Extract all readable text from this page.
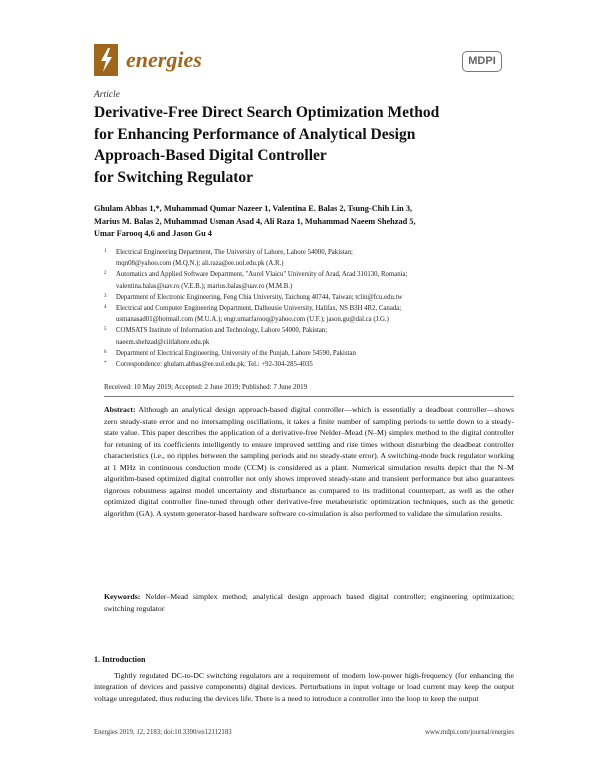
energies	MDPI
Article
Derivative-Free Direct Search Optimization Method
for Enhancing Performance of Analytical Design
Approach-Based Digital Controller
for Switching Regulator
Ghulam Abbas 1,*, Muhammad Qumar Nazeer 1, Valentina E. Balas 2, Tsung-Chih Lin 3,
Marius M. Balas 2, Muhammad Usman Asad 4, Ali Raza 1, Muhammad Naeem Shehzad 5,
Umar Farooq 4,6 and Jason Gu 4
1 Electrical Engineering Department, The University of Lahore, Lahore 54000, Pakistan;
mqn08@yahoo.com (M.Q.N.); ali.raza@ee.uol.edu.pk (A.R.)
2 Automatics and Applied Software Department, "Aurel Vlaicu" University of Arad, Arad 310130, Romania;
valentina.balas@uav.ro (V.E.B.); marius.balas@uav.ro (M.M.B.)
3 Department of Electronic Engineering, Feng Chia University, Taichung 40744, Taiwan; tclin@fcu.edu.tw
4 Electrical and Computer Engineering Department, Dalhousie University, Halifax, NS B3H 4R2, Canada;
usmanasad01@hotmail.com (M.U.A.); engr.umarfarooq@yahoo.com (U.F.); jason.gu@dal.ca (J.G.)
5 COMSATS Institute of Information and Technology, Lahore 54000, Pakistan;
naeem.shehzad@ciitlahore.edu.pk
6 Department of Electrical Engineering, University of the Punjab, Lahore 54590, Pakistan
* Correspondence: ghulam.abbas@ee.uol.edu.pk; Tel.: +92-304-285-4035
Received: 10 May 2019; Accepted: 2 June 2019; Published: 7 June 2019
Abstract: Although an analytical design approach-based digital controller—which is essentially a deadbeat controller—shows zero steady-state error and no intersampling oscillations, it takes a finite number of sampling periods to settle down to a steady-state value. This paper describes the application of a derivative-free Nelder–Mead (N–M) simplex method to the digital controller for retuning of its coefficients intelligently to ensure improved settling and rise times without disturbing the deadbeat controller characteristics (i.e., no ripples between the sampling periods and no steady-state error). A switching-mode buck regulator working at 1 MHz in continuous conduction mode (CCM) is considered as a plant. Numerical simulation results depict that the N–M algorithm-based optimized digital controller not only shows improved steady-state and transient performance but also guarantees rigorous robustness against model uncertainty and disturbance as compared to its traditional counterpart, as well as the other optimized digital controller fine-tuned through other derivative-free metaheuristic optimization techniques, such as the genetic algorithm (GA). A system generator-based hardware software co-simulation is also performed to validate the simulation results.
Keywords: Nelder–Mead simplex method; analytical design approach based digital controller; engineering optimization; switching regulator
1. Introduction
Tightly regulated DC-to-DC switching regulators are a requirement of modern low-power high-frequency (for enhancing the integration of devices and passive components) digital devices. Perturbations in input voltage or load current may keep the output voltage unregulated, thus reducing the devices life. There is a need to introduce a controller into the loop to keep the output
Energies 2019, 12, 2183; doi:10.3390/en12112183	www.mdpi.com/journal/energies
